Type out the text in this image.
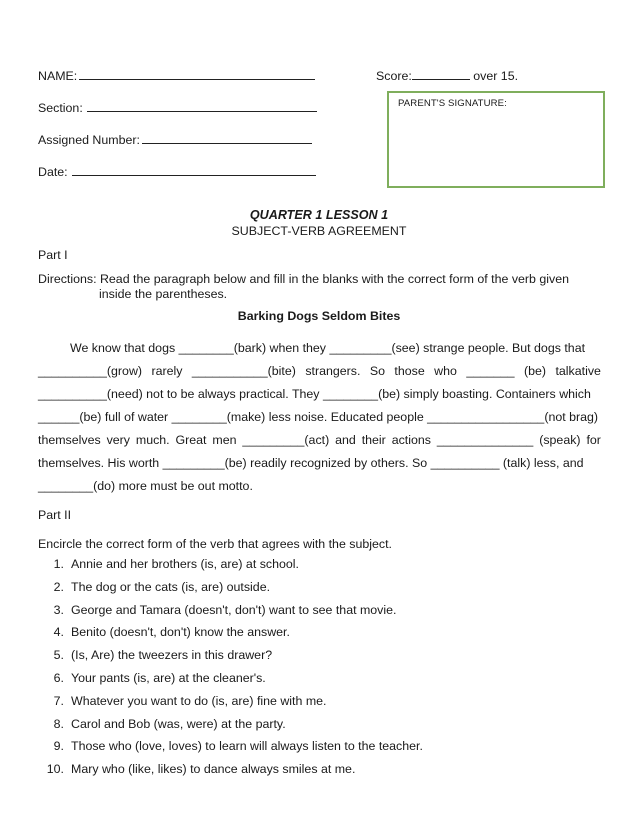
NAME:
Section:
Assigned Number:
Date:
Score:	over 15.
PARENT'S SIGNATURE:
QUARTER 1 LESSON 1
SUBJECT-VERB AGREEMENT
Part I
Directions: Read the paragraph below and fill in the blanks with the correct form of the verb given
inside the parentheses.
Barking Dogs Seldom Bites
We know that dogs ________(bark) when they _________(see) strange people. But dogs that
__________(grow) rarely ___________(bite) strangers. So those who _______ (be) talkative
__________(need) not to be always practical. They ________(be) simply boasting. Containers which
______(be) full of water ________(make) less noise. Educated people _________________(not brag)
themselves very much. Great men _________(act) and their actions ______________ (speak) for
themselves. His worth _________(be) readily recognized by others. So __________ (talk) less, and
________(do) more must be out motto.
Part II
Encircle the correct form of the verb that agrees with the subject.
1. Annie and her brothers (is, are) at school.
2. The dog or the cats (is, are) outside.
3. George and Tamara (doesn't, don't) want to see that movie.
4. Benito (doesn't, don't) know the answer.
5. (Is, Are) the tweezers in this drawer?
6. Your pants (is, are) at the cleaner's.
7. Whatever you want to do (is, are) fine with me.
8. Carol and Bob (was, were) at the party.
9. Those who (love, loves) to learn will always listen to the teacher.
10. Mary who (like, likes) to dance always smiles at me.
